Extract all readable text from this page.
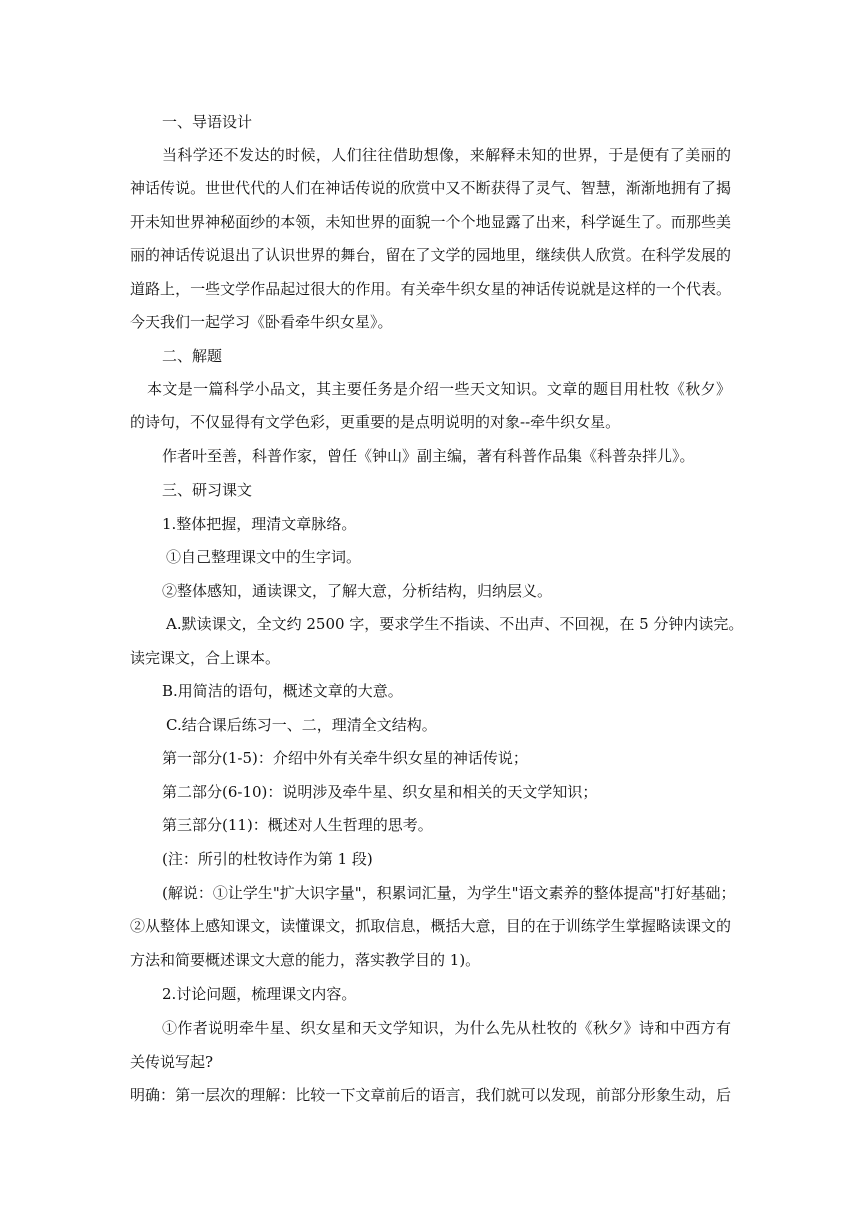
一、导语设计
当科学还不发达的时候，人们往往借助想像，来解释未知的世界，于是便有了美丽的
神话传说。世世代代的人们在神话传说的欣赏中又不断获得了灵气、智慧，渐渐地拥有了揭
开未知世界神秘面纱的本领，未知世界的面貌一个个地显露了出来，科学诞生了。而那些美
丽的神话传说退出了认识世界的舞台，留在了文学的园地里，继续供人欣赏。在科学发展的
道路上，一些文学作品起过很大的作用。有关牵牛织女星的神话传说就是这样的一个代表。
今天我们一起学习《卧看牵牛织女星》。
二、解题
本文是一篇科学小品文，其主要任务是介绍一些天文知识。文章的题目用杜牧《秋夕》
的诗句，不仅显得有文学色彩，更重要的是点明说明的对象--牵牛织女星。
作者叶至善，科普作家，曾任《钟山》副主编，著有科普作品集《科普杂拌儿》。
三、研习课文
1.整体把握，理清文章脉络。
①自己整理课文中的生字词。
②整体感知，通读课文，了解大意，分析结构，归纳层义。
A.默读课文，全文约 2500 字，要求学生不指读、不出声、不回视，在 5 分钟内读完。
读完课文，合上课本。
B.用简洁的语句，概述文章的大意。
C.结合课后练习一、二，理清全文结构。
第一部分(1-5)：介绍中外有关牵牛织女星的神话传说；
第二部分(6-10)：说明涉及牵牛星、织女星和相关的天文学知识；
第三部分(11)：概述对人生哲理的思考。
(注：所引的杜牧诗作为第 1 段)
(解说：①让学生"扩大识字量"，积累词汇量，为学生"语文素养的整体提高"打好基础；
②从整体上感知课文，读懂课文，抓取信息，概括大意，目的在于训练学生掌握略读课文的
方法和简要概述课文大意的能力，落实教学目的 1)。
2.讨论问题，梳理课文内容。
①作者说明牵牛星、织女星和天文学知识，为什么先从杜牧的《秋夕》诗和中西方有
关传说写起?
明确：第一层次的理解：比较一下文章前后的语言，我们就可以发现，前部分形象生动，后
